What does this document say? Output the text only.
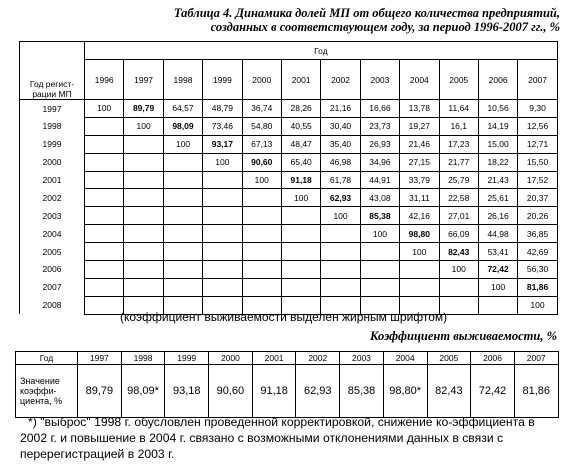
Таблица 4. Динамика долей МП от общего количества предприятий, созданных в соответствующем году, за период 1996-2007 гг., %
Год регист-рации МП	Год											
	1996	1997	1998	1999	2000	2001	2002	2003	2004	2005	2006	2007
1997	100	89,79	64,57	48,79	36,74	28,26	21,16	16,66	13,78	11,64	10,56	9,30
1998		100	98,09	73,46	54,80	40,55	30,40	23,73	19,27	16,1	14,19	12,56
1999			100	93,17	67,13	48,47	35,40	26,93	21,46	17,23	15,00	12,71
2000				100	90,60	65,40	46,98	34,96	27,15	21,77	18,22	15,50
2001					100	91,18	61,78	44,91	33,79	25,79	21,43	17,52
2002						100	62,93	43,08	31,11	22,58	25,61	20,37
2003							100	85,38	42,16	27,01	26,16	20,26
2004								100	98,80	66,09	44,98	36,85
2005									100	82,43	53,41	42,69
2006										100	72,42	56,30
2007											100	81,86
2008												100
(коэффициент выживаемости выделен жирным шрифтом)
Коэффициент выживаемости, %
Год	1997	1998	1999	2000	2001	2002	2003	2004	2005	2006	2007
Значение коэффи-циента, %	89,79	98,09*	93,18	90,60	91,18	62,93	85,38	98,80*	82,43	72,42	81,86
*) "выброс" 1998 г. обусловлен проведенной корректировкой, снижение ко-эффициента в 2002 г. и повышение в 2004 г. связано с возможными отклонениями данных в связи с перерегистрацией в 2003 г.
